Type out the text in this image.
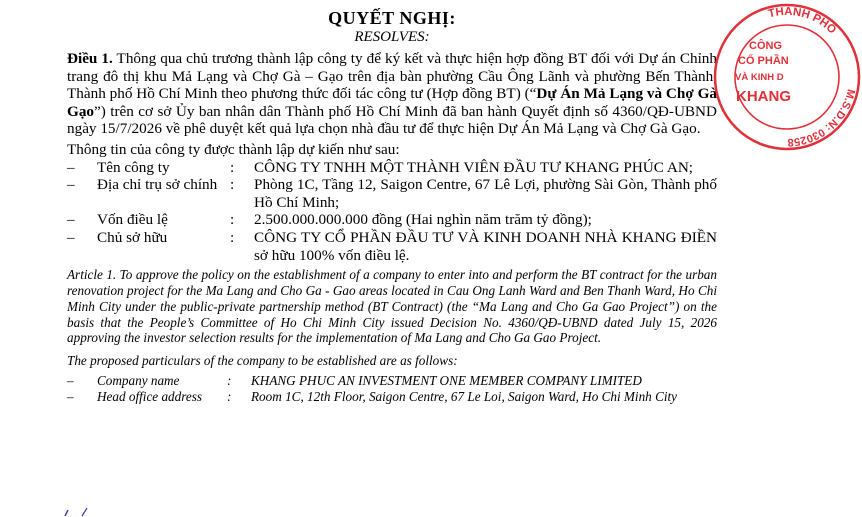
QUYẾT NGHỊ:
RESOLVES:

Điều 1. Thông qua chủ trương thành lập công ty để ký kết và thực hiện hợp đồng BT đối với Dự án Chỉnh trang đô thị khu Mả Lạng và Chợ Gà – Gạo trên địa bàn phường Cầu Ông Lãnh và phường Bến Thành, Thành phố Hồ Chí Minh theo phương thức đối tác công tư (Hợp đồng BT) (“Dự Án Mả Lạng và Chợ Gà Gạo”) trên cơ sở Ủy ban nhân dân Thành phố Hồ Chí Minh đã ban hành Quyết định số 4360/QĐ-UBND ngày 15/7/2026 về phê duyệt kết quả lựa chọn nhà đầu tư để thực hiện Dự Án Mả Lạng và Chợ Gà Gạo.

Thông tin của công ty được thành lập dự kiến như sau:

–	Tên công ty	:	CÔNG TY TNHH MỘT THÀNH VIÊN ĐẦU TƯ KHANG PHÚC AN;
–	Địa chỉ trụ sở chính :	Phòng 1C, Tầng 12, Saigon Centre, 67 Lê Lợi, phường Sài Gòn, Thành phố Hồ Chí Minh;
–	Vốn điều lệ	:	2.500.000.000.000 đồng (Hai nghìn năm trăm tỷ đồng);
–	Chủ sở hữu	:	CÔNG TY CỔ PHẦN ĐẦU TƯ VÀ KINH DOANH NHÀ KHANG ĐIỀN sở hữu 100% vốn điều lệ.

Article 1. To approve the policy on the establishment of a company to enter into and perform the BT contract for the urban renovation project for the Ma Lang and Cho Ga - Gao areas located in Cau Ong Lanh Ward and Ben Thanh Ward, Ho Chi Minh City under the public-private partnership method (BT Contract) (the “Ma Lang and Cho Ga Gao Project”) on the basis that the People’s Committee of Ho Chi Minh City issued Decision No. 4360/QĐ-UBND dated July 15, 2026 approving the investor selection results for the implementation of Ma Lang and Cho Ga Gao Project.

The proposed particulars of the company to be established are as follows:

–	Company name	:	KHANG PHUC AN INVESTMENT ONE MEMBER COMPANY LIMITED
–	Head office address	:	Room 1C, 12th Floor, Saigon Centre, 67 Le Loi, Saigon Ward, Ho Chi Minh City
M.S.D.N: 030258
THÀNH PHỐ
CÔNG
CỔ PHẦN
VÀ KINH D
KHANG
